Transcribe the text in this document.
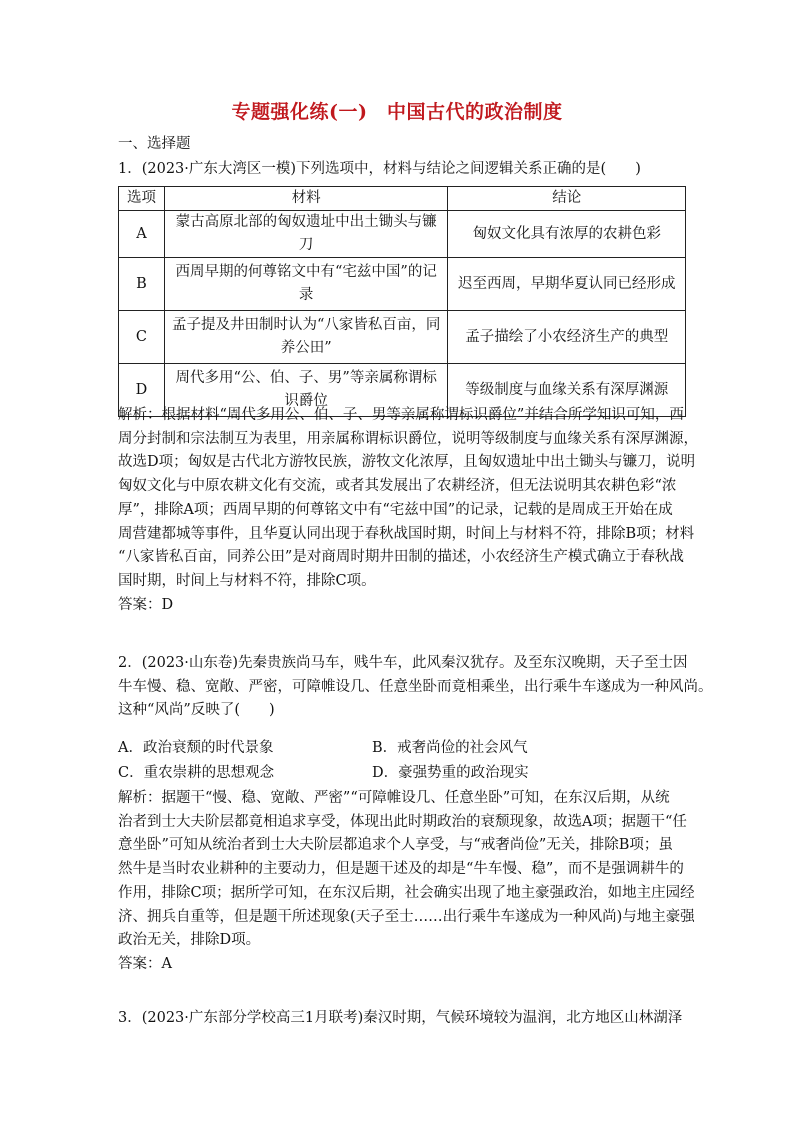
专题强化练(一)　中国古代的政治制度
一、选择题
1．(2023·广东大湾区一模)下列选项中，材料与结论之间逻辑关系正确的是(　　)
选项	材料	结论
A	蒙古高原北部的匈奴遗址中出土锄头与镰刀	匈奴文化具有浓厚的农耕色彩
B	西周早期的何尊铭文中有“宅兹中国”的记
录	迟至西周，早期华夏认同已经形成
C	孟子提及井田制时认为“八家皆私百亩，同
养公田”	孟子描绘了小农经济生产的典型
D	周代多用“公、伯、子、男”等亲属称谓标
识爵位	等级制度与血缘关系有深厚渊源

解析：根据材料“周代多用公、伯、子、男等亲属称谓标识爵位”并结合所学知识可知，西

周分封制和宗法制互为表里，用亲属称谓标识爵位，说明等级制度与血缘关系有深厚渊源，

故选D项；匈奴是古代北方游牧民族，游牧文化浓厚，且匈奴遗址中出土锄头与镰刀，说明

匈奴文化与中原农耕文化有交流，或者其发展出了农耕经济，但无法说明其农耕色彩“浓

厚”，排除A项；西周早期的何尊铭文中有“宅兹中国”的记录，记载的是周成王开始在成

周营建都城等事件，且华夏认同出现于春秋战国时期，时间上与材料不符，排除B项；材料

“八家皆私百亩，同养公田”是对商周时期井田制的描述，小农经济生产模式确立于春秋战

国时期，时间上与材料不符，排除C项。

答案：D

2．(2023·山东卷)先秦贵族尚马车，贱牛车，此风秦汉犹存。及至东汉晚期，天子至士因

牛车慢、稳、宽敞、严密，可障帷设几、任意坐卧而竟相乘坐，出行乘牛车遂成为一种风尚。

这种“风尚”反映了(　　)

A．政治衰颓的时代景象	B．戒奢尚俭的社会风气
C．重农崇耕的思想观念	D．豪强势重的政治现实

解析：据题干“慢、稳、宽敞、严密”“可障帷设几、任意坐卧”可知，在东汉后期，从统

治者到士大夫阶层都竟相追求享受，体现出此时期政治的衰颓现象，故选A项；据题干“任

意坐卧”可知从统治者到士大夫阶层都追求个人享受，与“戒奢尚俭”无关，排除B项；虽

然牛是当时农业耕种的主要动力，但是题干述及的却是“牛车慢、稳”，而不是强调耕牛的

作用，排除C项；据所学可知，在东汉后期，社会确实出现了地主豪强政治，如地主庄园经

济、拥兵自重等，但是题干所述现象(天子至士……出行乘牛车遂成为一种风尚)与地主豪强

政治无关，排除D项。

答案：A

3．(2023·广东部分学校高三1月联考)秦汉时期，气候环境较为温润，北方地区山林湖泽
